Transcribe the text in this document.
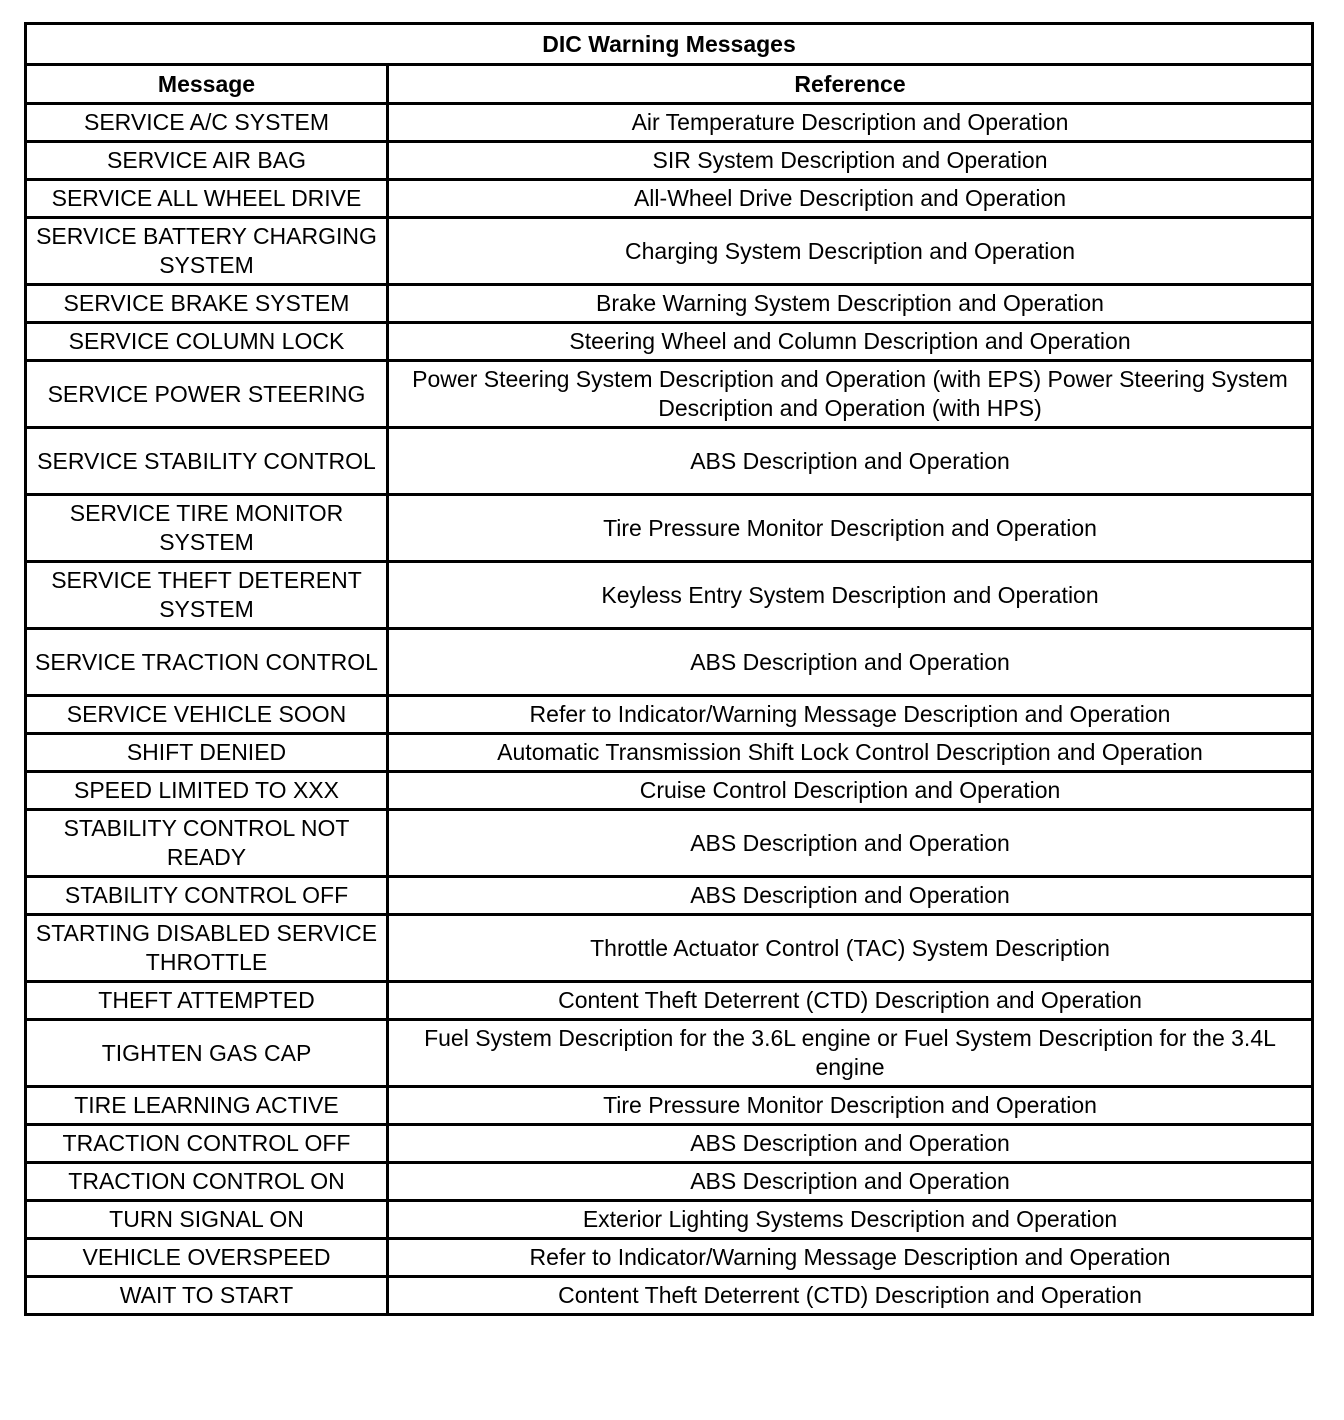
DIC Warning Messages	
Message	Reference
SERVICE A/C SYSTEM	Air Temperature Description and Operation
SERVICE AIR BAG	SIR System Description and Operation
SERVICE ALL WHEEL DRIVE	All-Wheel Drive Description and Operation
SERVICE BATTERY CHARGING SYSTEM	Charging System Description and Operation
SERVICE BRAKE SYSTEM	Brake Warning System Description and Operation
SERVICE COLUMN LOCK	Steering Wheel and Column Description and Operation
SERVICE POWER STEERING	Power Steering System Description and Operation (with EPS) Power Steering System Description and Operation (with HPS)
SERVICE STABILITY CONTROL	ABS Description and Operation
SERVICE TIRE MONITOR SYSTEM	Tire Pressure Monitor Description and Operation
SERVICE THEFT DETERENT SYSTEM	Keyless Entry System Description and Operation
SERVICE TRACTION CONTROL	ABS Description and Operation
SERVICE VEHICLE SOON	Refer to Indicator/Warning Message Description and Operation
SHIFT DENIED	Automatic Transmission Shift Lock Control Description and Operation
SPEED LIMITED TO XXX	Cruise Control Description and Operation
STABILITY CONTROL NOT READY	ABS Description and Operation
STABILITY CONTROL OFF	ABS Description and Operation
STARTING DISABLED SERVICE THROTTLE	Throttle Actuator Control (TAC) System Description
THEFT ATTEMPTED	Content Theft Deterrent (CTD) Description and Operation
TIGHTEN GAS CAP	Fuel System Description for the 3.6L engine or Fuel System Description for the 3.4L engine
TIRE LEARNING ACTIVE	Tire Pressure Monitor Description and Operation
TRACTION CONTROL OFF	ABS Description and Operation
TRACTION CONTROL ON	ABS Description and Operation
TURN SIGNAL ON	Exterior Lighting Systems Description and Operation
VEHICLE OVERSPEED	Refer to Indicator/Warning Message Description and Operation
WAIT TO START	Content Theft Deterrent (CTD) Description and Operation
